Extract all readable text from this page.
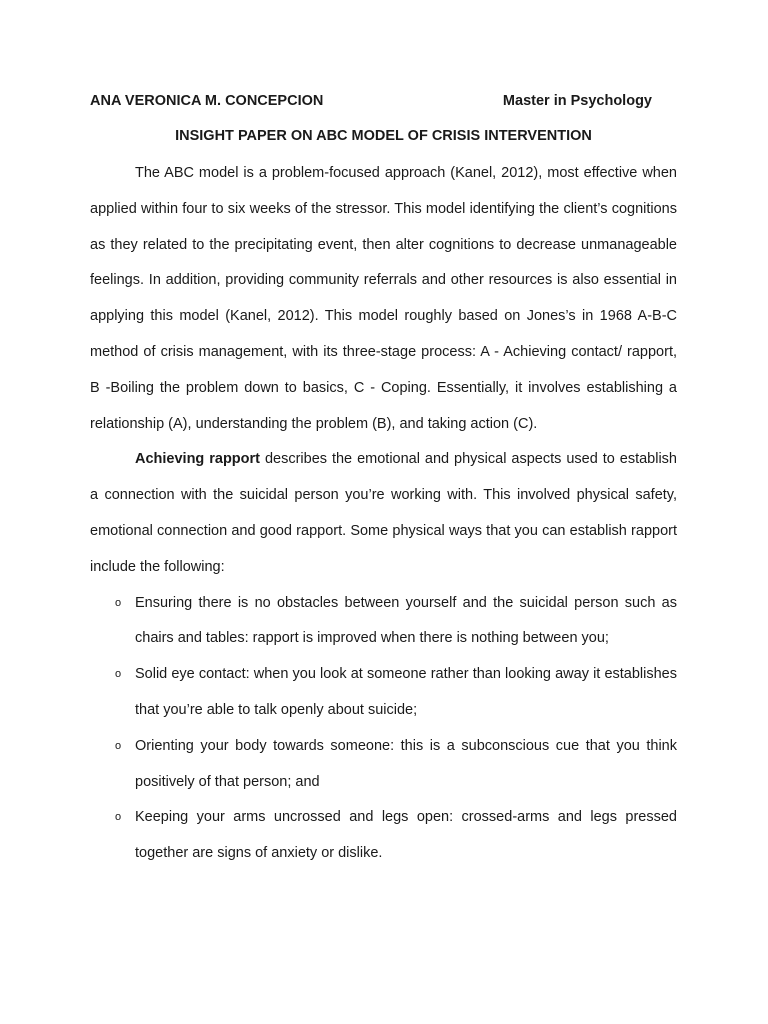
ANA VERONICA M. CONCEPCION	Master in Psychology
INSIGHT PAPER ON ABC MODEL OF CRISIS INTERVENTION

The ABC model is a problem-focused approach (Kanel, 2012), most effective when applied within four to six weeks of the stressor. This model identifying the client’s cognitions as they related to the precipitating event, then alter cognitions to decrease unmanageable feelings. In addition, providing community referrals and other resources is also essential in applying this model (Kanel, 2012). This model roughly based on Jones’s in 1968 A-B-C method of crisis management, with its three-stage process: A - Achieving contact/ rapport, B -Boiling the problem down to basics, C - Coping. Essentially, it involves establishing a relationship (A), understanding the problem (B), and taking action (C).

Achieving rapport describes the emotional and physical aspects used to establish a connection with the suicidal person you’re working with. This involved physical safety, emotional connection and good rapport. Some physical ways that you can establish rapport include the following:

o Ensuring there is no obstacles between yourself and the suicidal person such as chairs and tables: rapport is improved when there is nothing between you;
o Solid eye contact: when you look at someone rather than looking away it establishes that you’re able to talk openly about suicide;
o Orienting your body towards someone: this is a subconscious cue that you think positively of that person; and
o Keeping your arms uncrossed and legs open: crossed-arms and legs pressed together are signs of anxiety or dislike.
